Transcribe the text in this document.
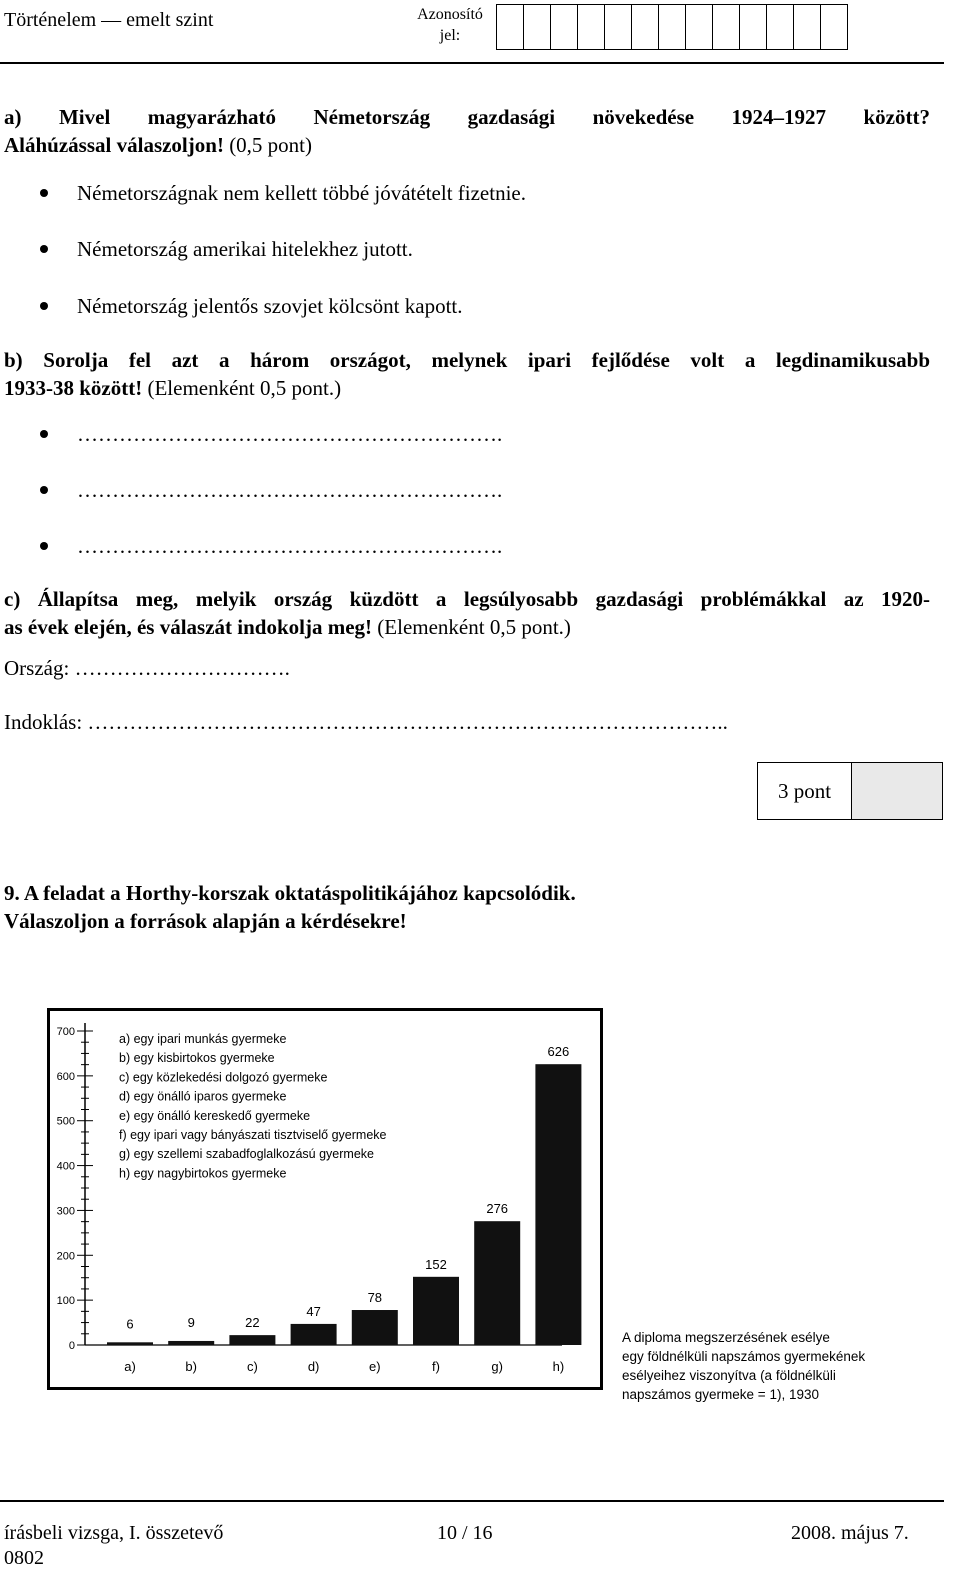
Történelem — emelt szint	Azonosító
jel:
a) Mivel magyarázható Németország gazdasági növekedése 1924–1927 között?
Aláhúzással válaszoljon! (0,5 pont)
Németországnak nem kellett többé jóvátételt fizetnie.
Németország amerikai hitelekhez jutott.
Németország jelentős szovjet kölcsönt kapott.
b) Sorolja fel azt a három országot, melynek ipari fejlődése volt a legdinamikusabb
1933-38 között! (Elemenként 0,5 pont.)
…………………………………………………….
…………………………………………………….
…………………………………………………….
c) Állapítsa meg, melyik ország küzdött a legsúlyosabb gazdasági problémákkal az 1920-
as évek elején, és válaszát indokolja meg! (Elemenként 0,5 pont.)
Ország: ………………………….
Indoklás: ………………………………………………………………………………..
3 pont
9. A feladat a Horthy-korszak oktatáspolitikájához kapcsolódik.
Válaszoljon a források alapján a kérdésekre!
0
100
200
300
400
500
600
700
6
a)
9
b)
22
c)
47
d)
78
e)
152
f)
276
g)
626
h)
a) egy ipari munkás gyermeke
b) egy kisbirtokos gyermeke
c) egy közlekedési dolgozó gyermeke
d) egy önálló iparos gyermeke
e) egy önálló kereskedő gyermeke
f) egy ipari vagy bányászati tisztviselő gyermeke
g) egy szellemi szabadfoglalkozású gyermeke
h) egy nagybirtokos gyermeke
A diploma megszerzésének esélye
egy földnélküli napszámos gyermekének
esélyeihez viszonyítva (a földnélküli
napszámos gyermeke = 1), 1930
írásbeli vizsga, I. összetevő	10 / 16	2008. május 7.
0802
